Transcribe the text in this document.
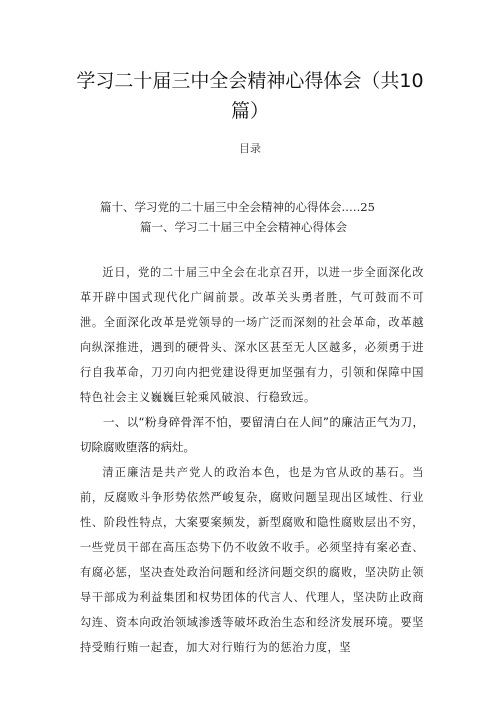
学习二十届三中全会精神心得体会（共10篇）
目录
篇十、学习党的二十届三中全会精神的心得体会.….25
篇一、学习二十届三中全会精神心得体会

近日，党的二十届三中全会在北京召开，以进一步全面深化改革开辟中国式现代化广阔前景。改革关头勇者胜，气可鼓而不可泄。全面深化改革是党领导的一场广泛而深刻的社会革命，改革越向纵深推进，遇到的硬骨头、深水区甚至无人区越多，必须勇于进行自我革命，刀刃向内把党建设得更加坚强有力，引领和保障中国特色社会主义巍巍巨轮乘风破浪、行稳致远。

一、以“粉身碎骨浑不怕，要留清白在人间”的廉洁正气为刀，切除腐败堕落的病灶。

清正廉洁是共产党人的政治本色，也是为官从政的基石。当前，反腐败斗争形势依然严峻复杂，腐败问题呈现出区域性、行业性、阶段性特点，大案要案频发，新型腐败和隐性腐败层出不穷，一些党员干部在高压态势下仍不收敛不收手。必须坚持有案必查、有腐必惩，坚决查处政治问题和经济问题交织的腐败，坚决防止领导干部成为利益集团和权势团体的代言人、代理人，坚决防止政商勾连、资本向政治领域渗透等破坏政治生态和经济发展环境。要坚持受贿行贿一起查，加大对行贿行为的惩治力度，坚
